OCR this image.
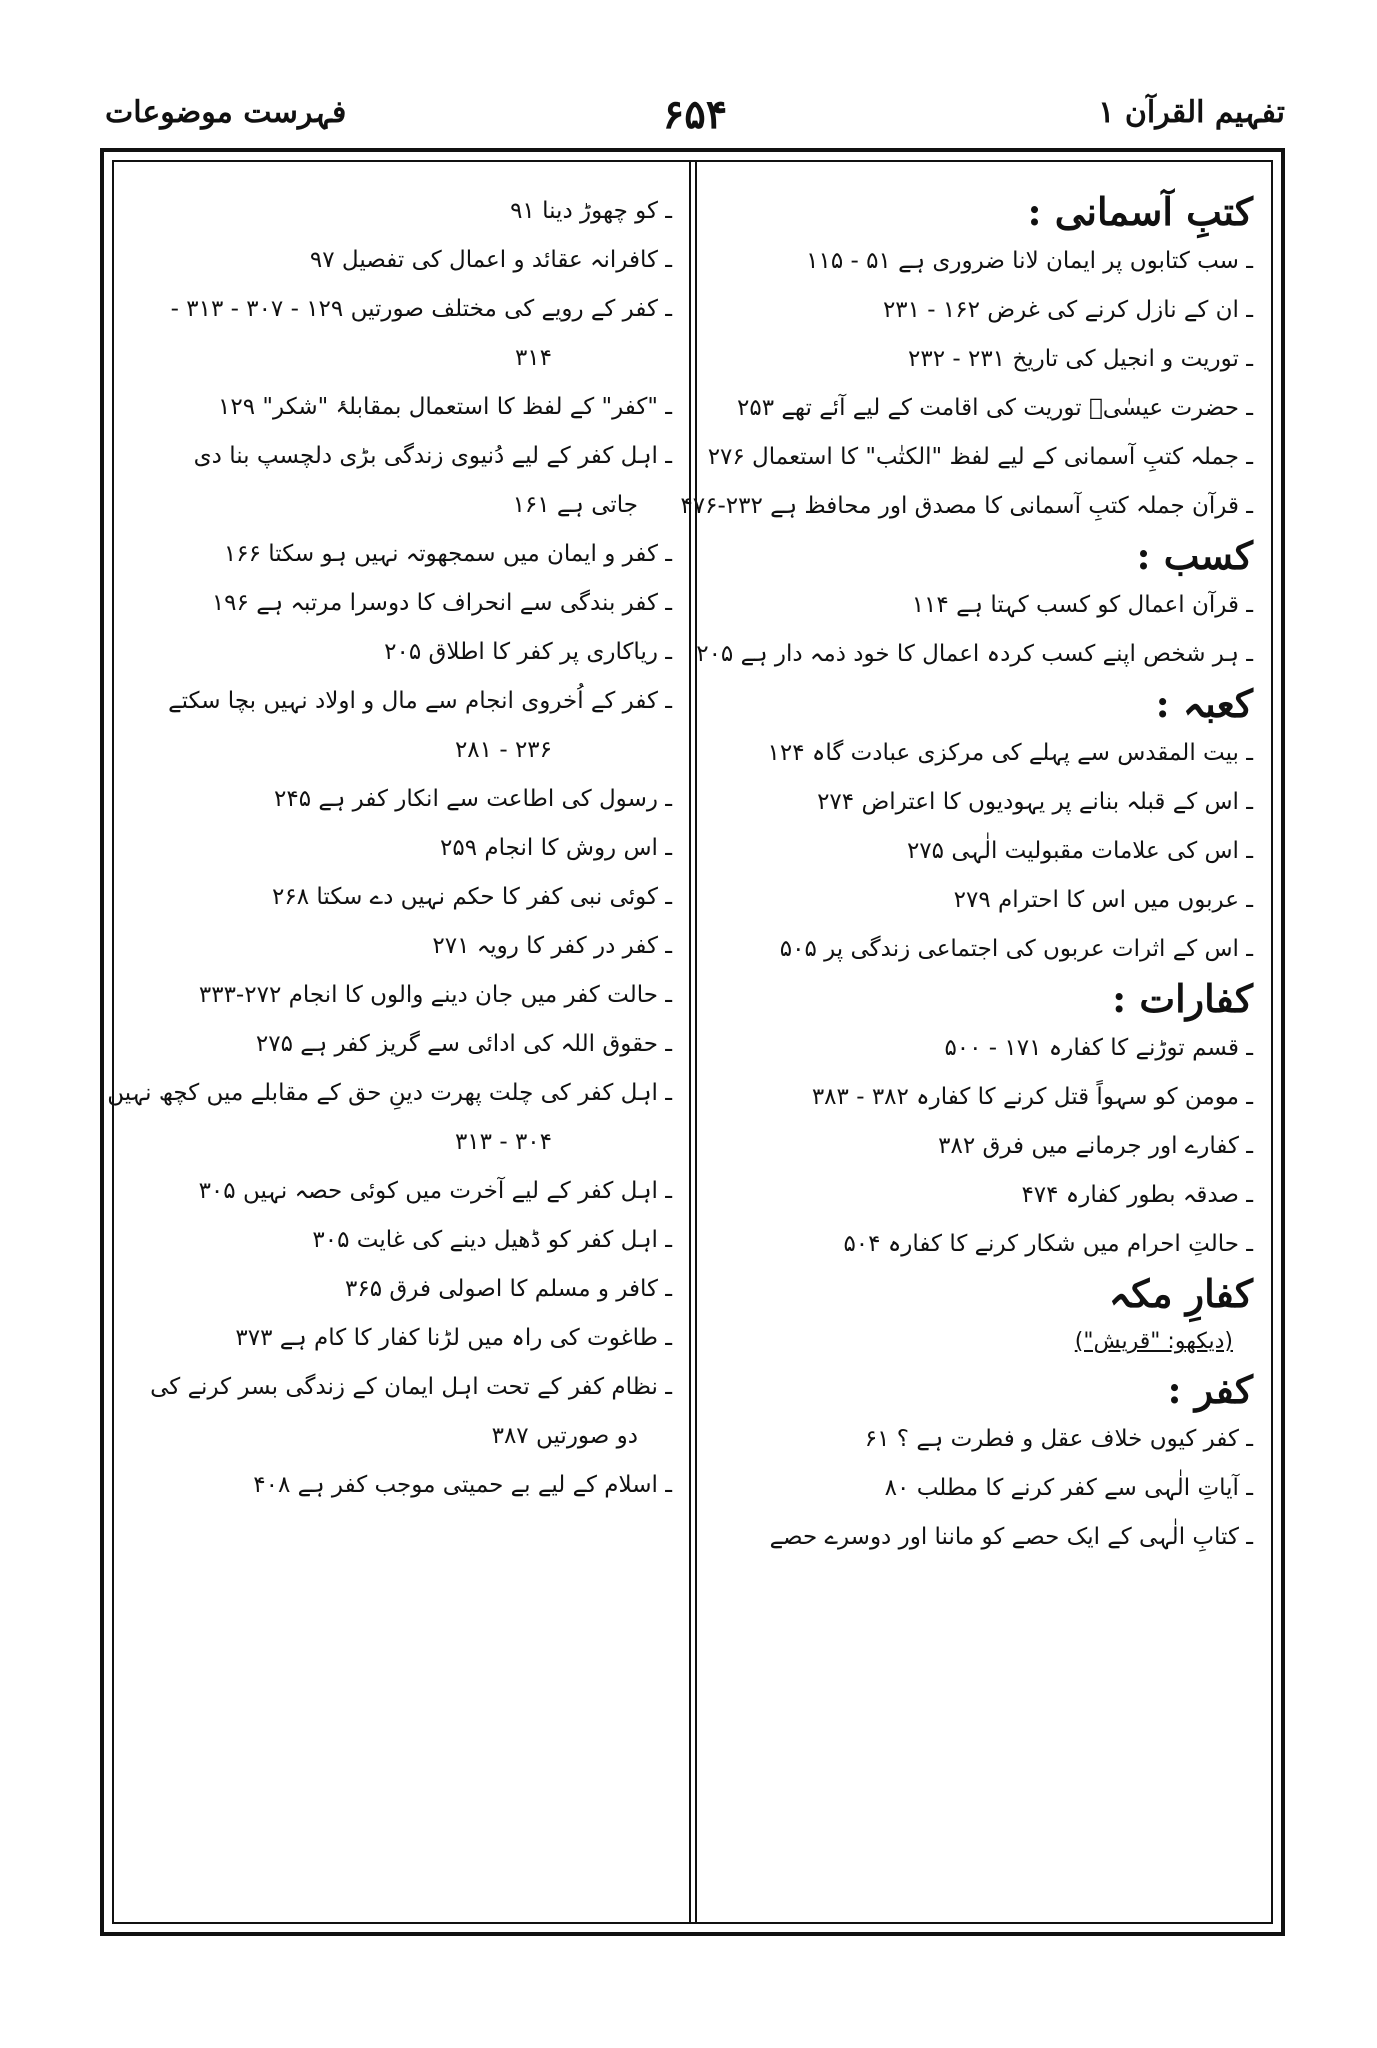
فہرست موضوعات	۶۵۴	تفہیم القرآن ۱
کتبِ آسمانی :
ـ سب کتابوں پر ایمان لانا ضروری ہے ۵۱ - ۱۱۵
ـ ان کے نازل کرنے کی غرض ۱۶۲ - ۲۳۱
ـ توریت و انجیل کی تاریخ ۲۳۱ - ۲۳۲
ـ حضرت عیسٰیؑ توریت کی اقامت کے لیے آئے تھے ۲۵۳
ـ جملہ کتبِ آسمانی کے لیے لفظ "الکتٰب" کا استعمال ۲۷۶
ـ قرآن جملہ کتبِ آسمانی کا مصدق اور محافظ ہے ۲۳۲-۴۷۶
کسب :
ـ قرآن اعمال کو کسب کہتا ہے ۱۱۴
ـ ہر شخص اپنے کسب کردہ اعمال کا خود ذمہ دار ہے ۲۰۵
کعبہ :
ـ بیت المقدس سے پہلے کی مرکزی عبادت گاہ ۱۲۴
ـ اس کے قبلہ بنانے پر یہودیوں کا اعتراض ۲۷۴
ـ اس کی علامات مقبولیت الٰہی ۲۷۵
ـ عربوں میں اس کا احترام ۲۷۹
ـ اس کے اثرات عربوں کی اجتماعی زندگی پر ۵۰۵
کفارات :
ـ قسم توڑنے کا کفارہ ۱۷۱ - ۵۰۰
ـ مومن کو سہواً قتل کرنے کا کفارہ ۳۸۲ - ۳۸۳
ـ کفارے اور جرمانے میں فرق ۳۸۲
ـ صدقہ بطور کفارہ ۴۷۴
ـ حالتِ احرام میں شکار کرنے کا کفارہ ۵۰۴
کفارِ مکہ
(دیکھو: "قریش")
کفر :
ـ کفر کیوں خلاف عقل و فطرت ہے ؟ ۶۱
ـ آیاتِ الٰہی سے کفر کرنے کا مطلب ۸۰
ـ کتابِ الٰہی کے ایک حصے کو ماننا اور دوسرے حصے
ـ کو چھوڑ دینا ۹۱
ـ کافرانہ عقائد و اعمال کی تفصیل ۹۷
ـ کفر کے رویے کی مختلف صورتیں ۱۲۹ - ۳۰۷ - ۳۱۳ -
۳۱۴
ـ "کفر" کے لفظ کا استعمال بمقابلۂ "شکر" ۱۲۹
ـ اہل کفر کے لیے دُنیوی زندگی بڑی دلچسپ بنا دی
جاتی ہے ۱۶۱
ـ کفر و ایمان میں سمجھوتہ نہیں ہو سکتا ۱۶۶
ـ کفر بندگی سے انحراف کا دوسرا مرتبہ ہے ۱۹۶
ـ ریاکاری پر کفر کا اطلاق ۲۰۵
ـ کفر کے اُخروی انجام سے مال و اولاد نہیں بچا سکتے
۲۳۶ - ۲۸۱
ـ رسول کی اطاعت سے انکار کفر ہے ۲۴۵
ـ اس روش کا انجام ۲۵۹
ـ کوئی نبی کفر کا حکم نہیں دے سکتا ۲۶۸
ـ کفر در کفر کا رویہ ۲۷۱
ـ حالت کفر میں جان دینے والوں کا انجام ۲۷۲-۳۳۳
ـ حقوق اللہ کی ادائی سے گریز کفر ہے ۲۷۵
ـ اہل کفر کی چلت پھرت دینِ حق کے مقابلے میں کچھ نہیں
۳۰۴ - ۳۱۳
ـ اہل کفر کے لیے آخرت میں کوئی حصہ نہیں ۳۰۵
ـ اہل کفر کو ڈھیل دینے کی غایت ۳۰۵
ـ کافر و مسلم کا اصولی فرق ۳۶۵
ـ طاغوت کی راہ میں لڑنا کفار کا کام ہے ۳۷۳
ـ نظام کفر کے تحت اہل ایمان کے زندگی بسر کرنے کی
دو صورتیں ۳۸۷
ـ اسلام کے لیے بے حمیتی موجب کفر ہے ۴۰۸
